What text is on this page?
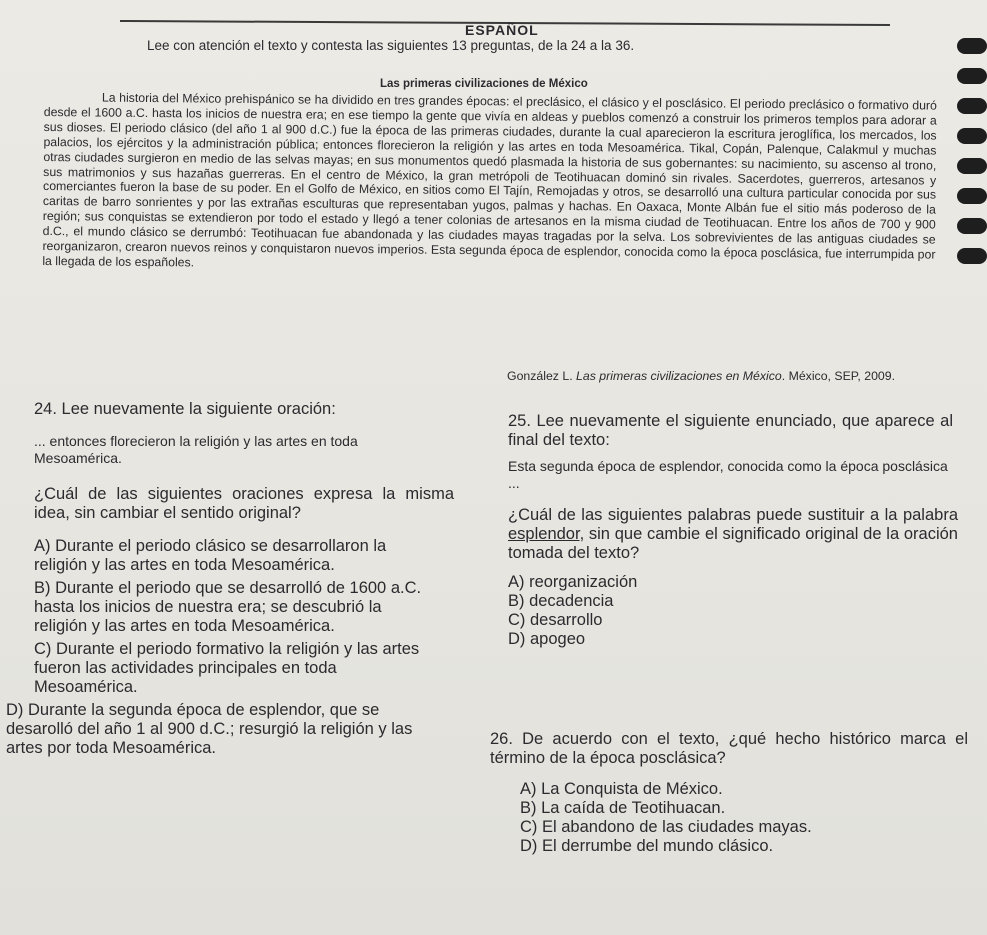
ESPAÑOL
Lee con atención el texto y contesta las siguientes 13 preguntas, de la 24 a la 36.
Las primeras civilizaciones de México

La historia del México prehispánico se ha dividido en tres grandes épocas: el preclásico, el clásico y el posclásico. El periodo preclásico o formativo duró desde el 1600 a.C. hasta los inicios de nuestra era; en ese tiempo la gente que vivía en aldeas y pueblos comenzó a construir los primeros templos para adorar a sus dioses. El periodo clásico (del año 1 al 900 d.C.) fue la época de las primeras ciudades, durante la cual aparecieron la escritura jeroglífica, los mercados, los palacios, los ejércitos y la administración pública; entonces florecieron la religión y las artes en toda Mesoamérica. Tikal, Copán, Palenque, Calakmul y muchas otras ciudades surgieron en medio de las selvas mayas; en sus monumentos quedó plasmada la historia de sus gobernantes: su nacimiento, su ascenso al trono, sus matrimonios y sus hazañas guerreras. En el centro de México, la gran metrópoli de Teotihuacan dominó sin rivales. Sacerdotes, guerreros, artesanos y comerciantes fueron la base de su poder. En el Golfo de México, en sitios como El Tajín, Remojadas y otros, se desarrolló una cultura particular conocida por sus caritas de barro sonrientes y por las extrañas esculturas que representaban yugos, palmas y hachas. En Oaxaca, Monte Albán fue el sitio más poderoso de la región; sus conquistas se extendieron por todo el estado y llegó a tener colonias de artesanos en la misma ciudad de Teotihuacan. Entre los años de 700 y 900 d.C., el mundo clásico se derrumbó: Teotihuacan fue abandonada y las ciudades mayas tragadas por la selva. Los sobrevivientes de las antiguas ciudades se reorganizaron, crearon nuevos reinos y conquistaron nuevos imperios. Esta segunda época de esplendor, conocida como la época posclásica, fue interrumpida por la llegada de los españoles.

González L. Las primeras civilizaciones en México. México, SEP, 2009.
24. Lee nuevamente la siguiente oración:
... entonces florecieron la religión y las artes en toda Mesoamérica.
¿Cuál de las siguientes oraciones expresa la misma idea, sin cambiar el sentido original?
A) Durante el periodo clásico se desarrollaron la religión y las artes en toda Mesoamérica.
B) Durante el periodo que se desarrolló de 1600 a.C. hasta los inicios de nuestra era; se descubrió la religión y las artes en toda Mesoamérica.
C) Durante el periodo formativo la religión y las artes fueron las actividades principales en toda Mesoamérica.
D) Durante la segunda época de esplendor, que se desarolló del año 1 al 900 d.C.; resurgió la religión y las artes por toda Mesoamérica.
25. Lee nuevamente el siguiente enunciado, que aparece al final del texto:
Esta segunda época de esplendor, conocida como la época posclásica ...
¿Cuál de las siguientes palabras puede sustituir a la palabra esplendor, sin que cambie el significado original de la oración tomada del texto?
A) reorganización
B) decadencia
C) desarrollo
D) apogeo
26. De acuerdo con el texto, ¿qué hecho histórico marca el término de la época posclásica?
A) La Conquista de México.
B) La caída de Teotihuacan.
C) El abandono de las ciudades mayas.
D) El derrumbe del mundo clásico.
